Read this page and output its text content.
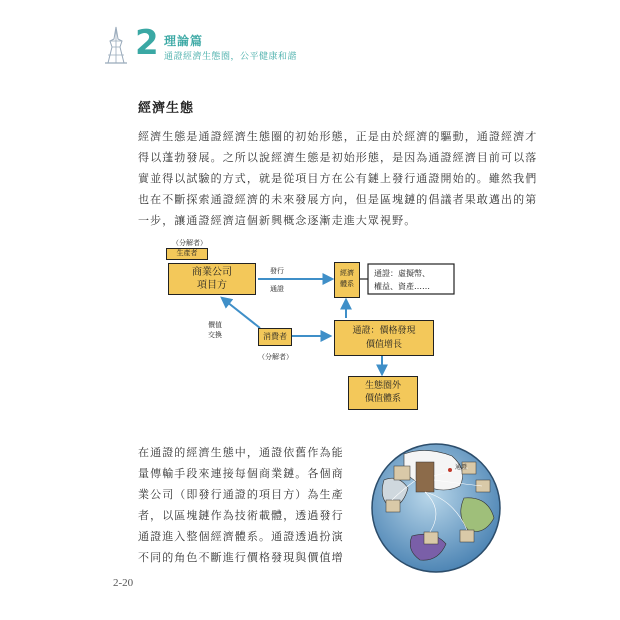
2 理論篇
通證經濟生態圈，公平健康和諧
經濟生態
經濟生態是通證經濟生態圈的初始形態，正是由於經濟的驅動，通證經濟才
得以蓬勃發展。之所以說經濟生態是初始形態，是因為通證經濟目前可以落
實並得以試驗的方式，就是從項目方在公有鏈上發行通證開始的。雖然我們
也在不斷探索通證經濟的未來發展方向，但是區塊鏈的倡議者果敢邁出的第
一步，讓通證經濟這個新興概念逐漸走進大眾視野。
（分解者）
生產者
商業公司
項目方
發行
通證
經濟
體系
通證：虛擬幣、
權益、資產……
價值
交換	消費者
（分解者）
通證：價格發現
價值增長
生態圈外
價值體系
在通證的經濟生態中，通證依舊作為能
量傳輸手段來連接每個商業鏈。各個商
業公司（即發行通證的項目方）為生產
者，以區塊鏈作為技術載體，透過發行
通證進入整個經濟體系。通證透過扮演
不同的角色不斷進行價格發現與價值增
通證
2-20
